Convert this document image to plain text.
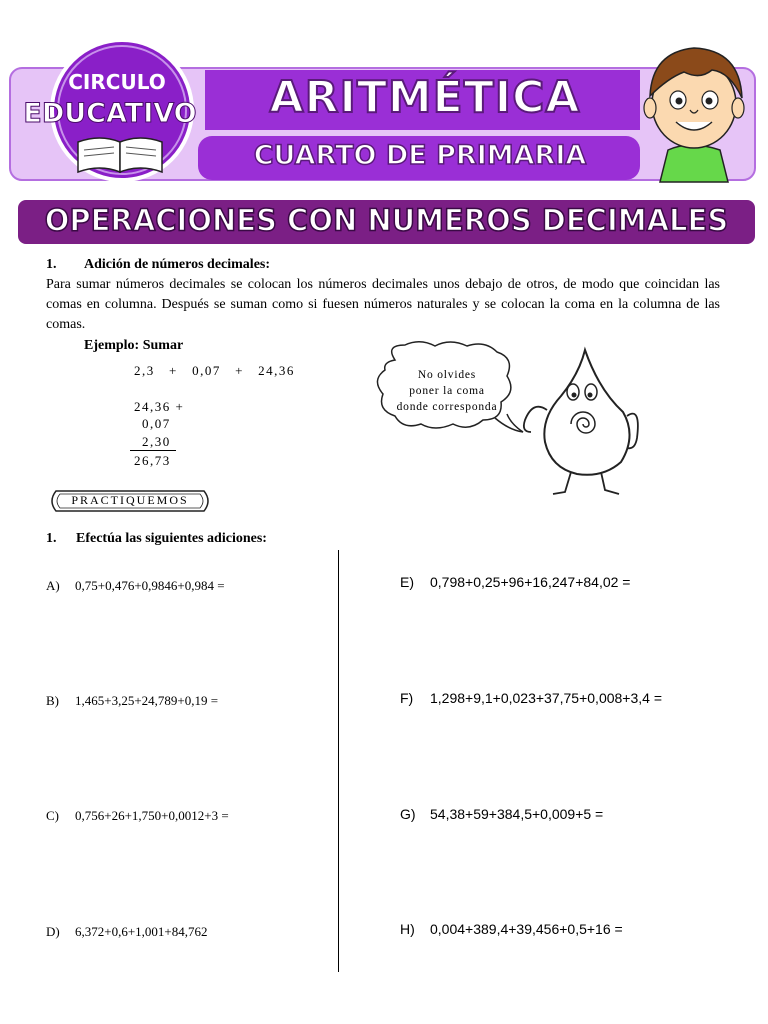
CIRCULO
EDUCATIVO ARITMÉTICA
CUARTO DE PRIMARIA
OPERACIONES CON NUMEROS DECIMALES
1. Adición de números decimales:
Para sumar números decimales se colocan los números decimales unos debajo de otros, de modo que coincidan las comas en columna. Después se suman como si fuesen números naturales y se colocan la coma en la columna de las comas.
Ejemplo: Sumar
2,3   +   0,07   +   24,36
24,36 +
0,07
2,30
26,73
No olvides
poner la coma
donde corresponda
PRACTIQUEMOS
1. Efectúa las siguientes adiciones:
A) 0,75+0,476+0,9846+0,984 =
B) 1,465+3,25+24,789+0,19 =
C) 0,756+26+1,750+0,0012+3 =
D) 6,372+0,6+1,001+84,762
E) 0,798+0,25+96+16,247+84,02 =
F) 1,298+9,1+0,023+37,75+0,008+3,4 =
G) 54,38+59+384,5+0,009+5 =
H) 0,004+389,4+39,456+0,5+16 =
